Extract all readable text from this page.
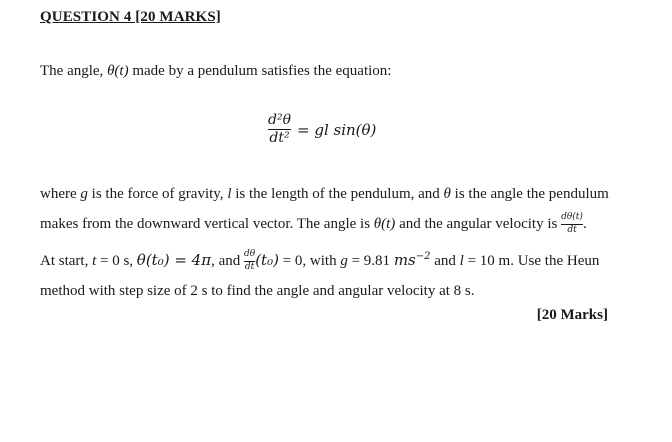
QUESTION 4 [20 MARKS]
The angle, θ(t) made by a pendulum satisfies the equation:
$\frac{\text{d²θ}}{\text{dt²}}$ = gl sin(θ)
where g is the force of gravity, l is the length of the pendulum, and θ is the angle the pendulum
makes from the downward vertical vector. The angle is θ(t) and the angular velocity is $\frac{d\theta(t)}{dt}$ .
At start, t = 0 s, θ(t₀) = 4π, and $\frac{d\theta}{dt} (t_0) = 0$, with g = 9.81 $ms^{-2}$ and l = 10 m. Use the Heun
method with step size of 2 s to find the angle and angular velocity at 8 s.
[20 Marks]
